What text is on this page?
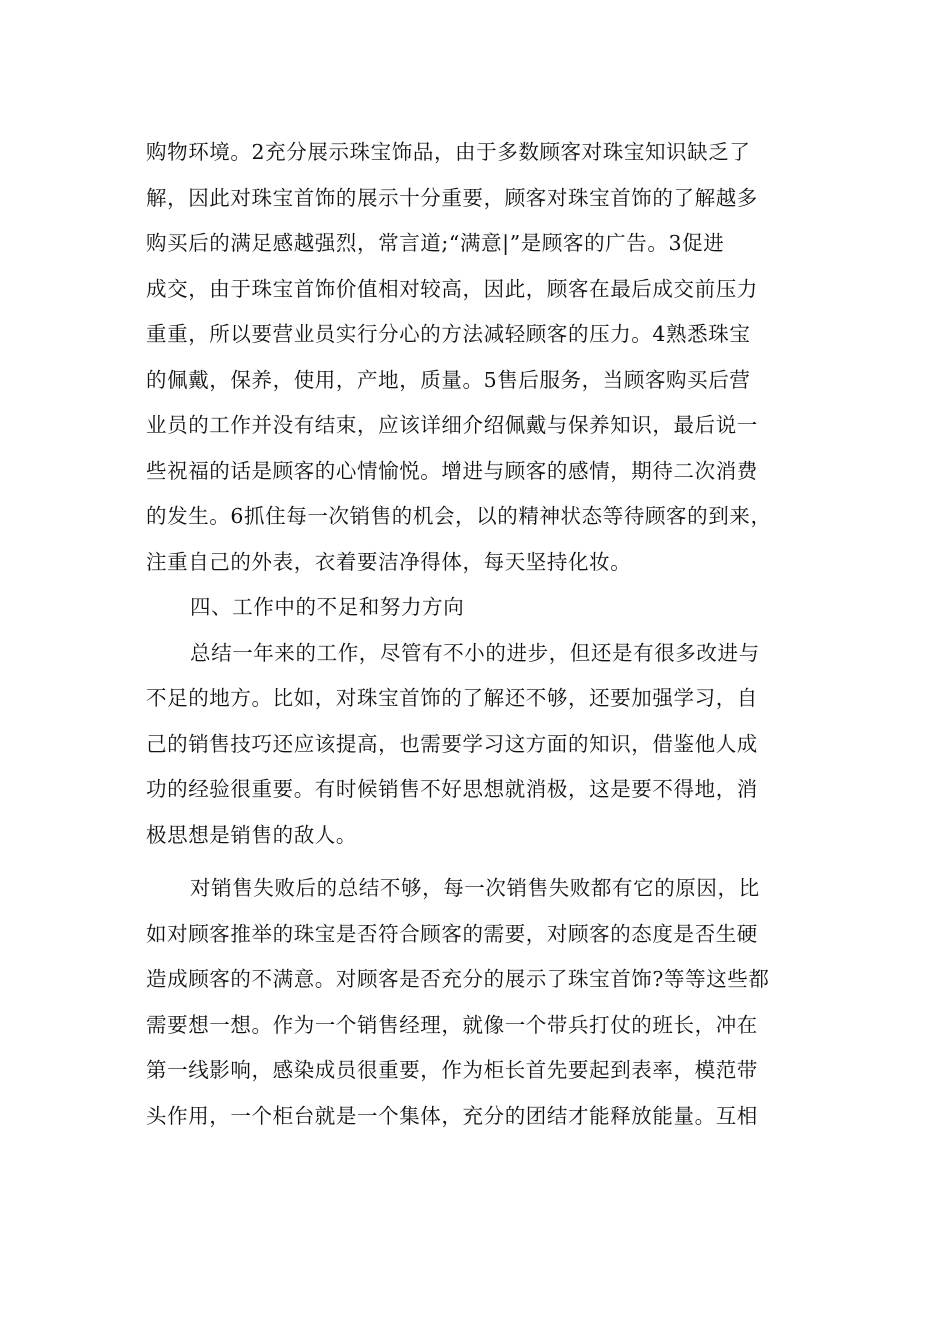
购物环境。2充分展示珠宝饰品，由于多数顾客对珠宝知识缺乏了
解，因此对珠宝首饰的展示十分重要，顾客对珠宝首饰的了解越多
购买后的满足感越强烈，常言道;“满意|”是顾客的广告。3促进
成交，由于珠宝首饰价值相对较高，因此，顾客在最后成交前压力
重重，所以要营业员实行分心的方法减轻顾客的压力。4熟悉珠宝
的佩戴，保养，使用，产地，质量。5售后服务，当顾客购买后营
业员的工作并没有结束，应该详细介绍佩戴与保养知识，最后说一
些祝福的话是顾客的心情愉悦。增进与顾客的感情，期待二次消费
的发生。6抓住每一次销售的机会，以的精神状态等待顾客的到来，
注重自己的外表，衣着要洁净得体，每天坚持化妆。
四、工作中的不足和努力方向
总结一年来的工作，尽管有不小的进步，但还是有很多改进与
不足的地方。比如，对珠宝首饰的了解还不够，还要加强学习，自
己的销售技巧还应该提高，也需要学习这方面的知识，借鉴他人成
功的经验很重要。有时候销售不好思想就消极，这是要不得地，消
极思想是销售的敌人。
对销售失败后的总结不够，每一次销售失败都有它的原因，比
如对顾客推举的珠宝是否符合顾客的需要，对顾客的态度是否生硬
造成顾客的不满意。对顾客是否充分的展示了珠宝首饰?等等这些都
需要想一想。作为一个销售经理，就像一个带兵打仗的班长，冲在
第一线影响，感染成员很重要，作为柜长首先要起到表率，模范带
头作用，一个柜台就是一个集体，充分的团结才能释放能量。互相
